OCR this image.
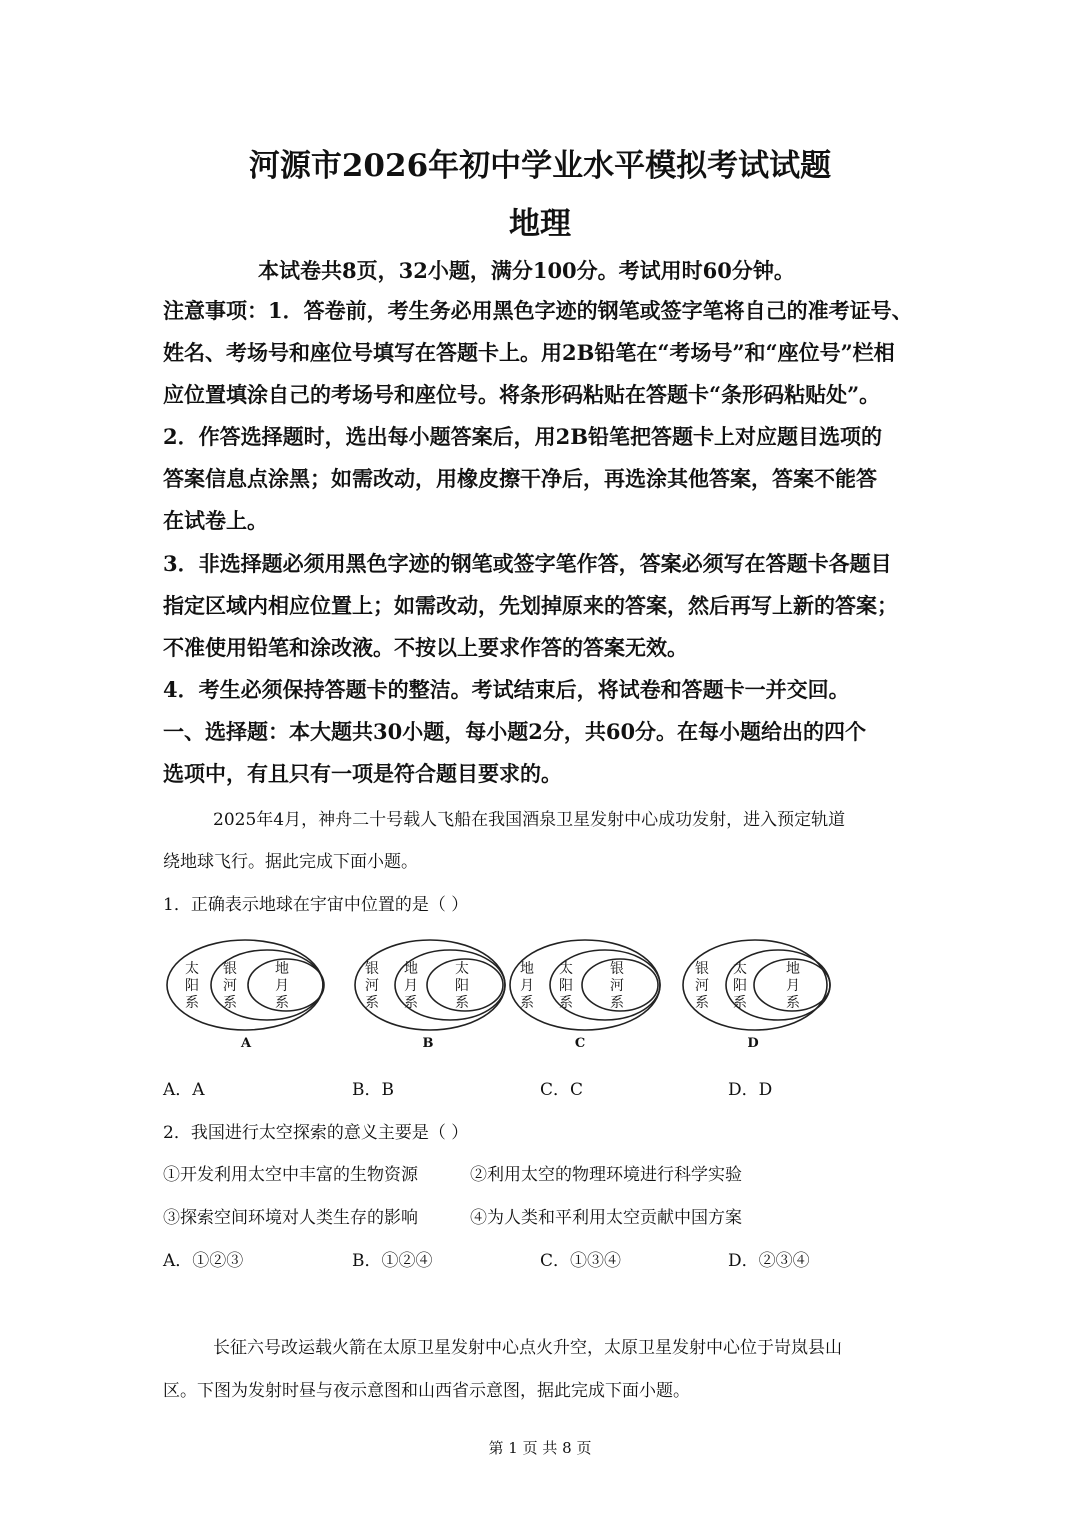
河源市2026年初中学业水平模拟考试试题
地理
本试卷共8页，32小题，满分100分。考试用时60分钟。
注意事项：1．答卷前，考生务必用黑色字迹的钢笔或签字笔将自己的准考证号、
姓名、考场号和座位号填写在答题卡上。用2B铅笔在“考场号”和“座位号”栏相
应位置填涂自己的考场号和座位号。将条形码粘贴在答题卡“条形码粘贴处”。
2．作答选择题时，选出每小题答案后，用2B铅笔把答题卡上对应题目选项的
答案信息点涂黑；如需改动，用橡皮擦干净后，再选涂其他答案，答案不能答
在试卷上。
3．非选择题必须用黑色字迹的钢笔或签字笔作答，答案必须写在答题卡各题目
指定区域内相应位置上；如需改动，先划掉原来的答案，然后再写上新的答案；
不准使用铅笔和涂改液。不按以上要求作答的答案无效。
4．考生必须保持答题卡的整洁。考试结束后，将试卷和答题卡一并交回。
一、选择题：本大题共30小题，每小题2分，共60分。在每小题给出的四个
选项中，有且只有一项是符合题目要求的。
2025年4月，神舟二十号载人飞船在我国酒泉卫星发射中心成功发射，进入预定轨道
绕地球飞行。据此完成下面小题。
1．正确表示地球在宇宙中位置的是（ ）
太
阳
系
银
河
系
地
月
系
A
银
河
系
地
月
系
太
阳
系
B
地
月
系
太
阳
系
银
河
系
C
银
河
系
太
阳
系
地
月
系
D
A．A	B．B	C．C	D．D
2．我国进行太空探索的意义主要是（ ）
①开发利用太空中丰富的生物资源	②利用太空的物理环境进行科学实验
③探索空间环境对人类生存的影响	④为人类和平利用太空贡献中国方案
A．①②③	B．①②④	C．①③④	D．②③④
长征六号改运载火箭在太原卫星发射中心点火升空，太原卫星发射中心位于岢岚县山
区。下图为发射时昼与夜示意图和山西省示意图，据此完成下面小题。
第 1 页 共 8 页
